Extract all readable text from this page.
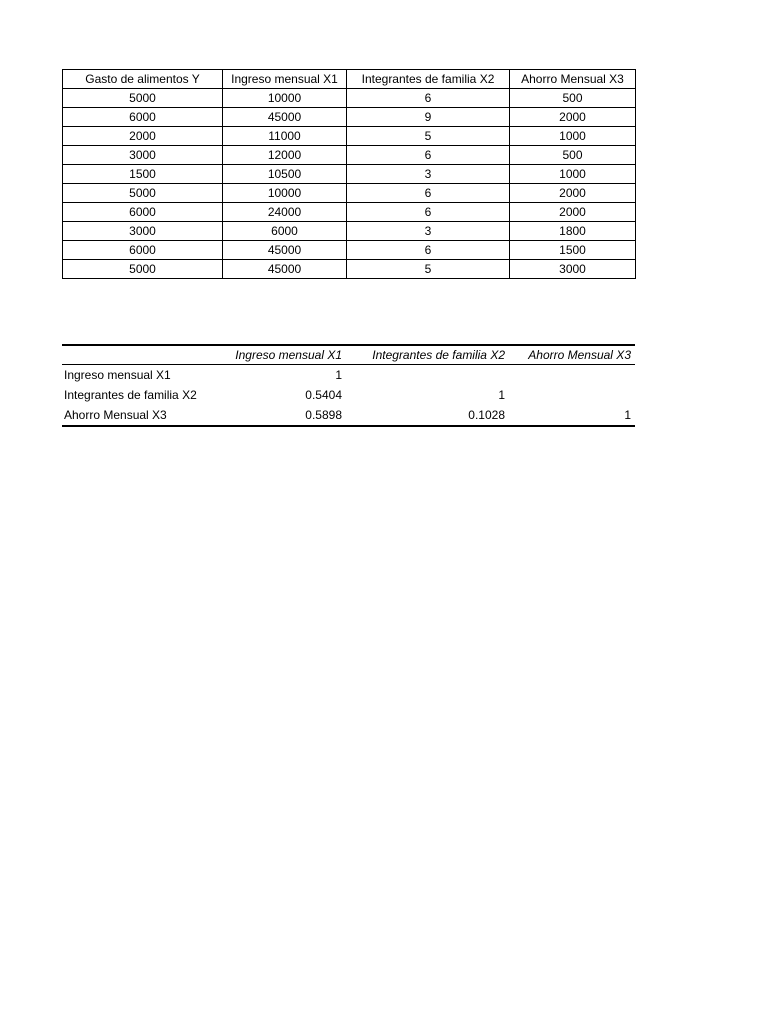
Gasto de alimentos Y	Ingreso mensual X1	Integrantes de familia X2	Ahorro Mensual X3
5000	10000	6	500
6000	45000	9	2000
2000	11000	5	1000
3000	12000	6	500
1500	10500	3	1000
5000	10000	6	2000
6000	24000	6	2000
3000	6000	3	1800
6000	45000	6	1500
5000	45000	5	3000
	Ingreso mensual X1	Integrantes de familia X2	Ahorro Mensual X3
Ingreso mensual X1	1		
Integrantes de familia X2	0.5404	1	
Ahorro Mensual X3	0.5898	0.1028	1
